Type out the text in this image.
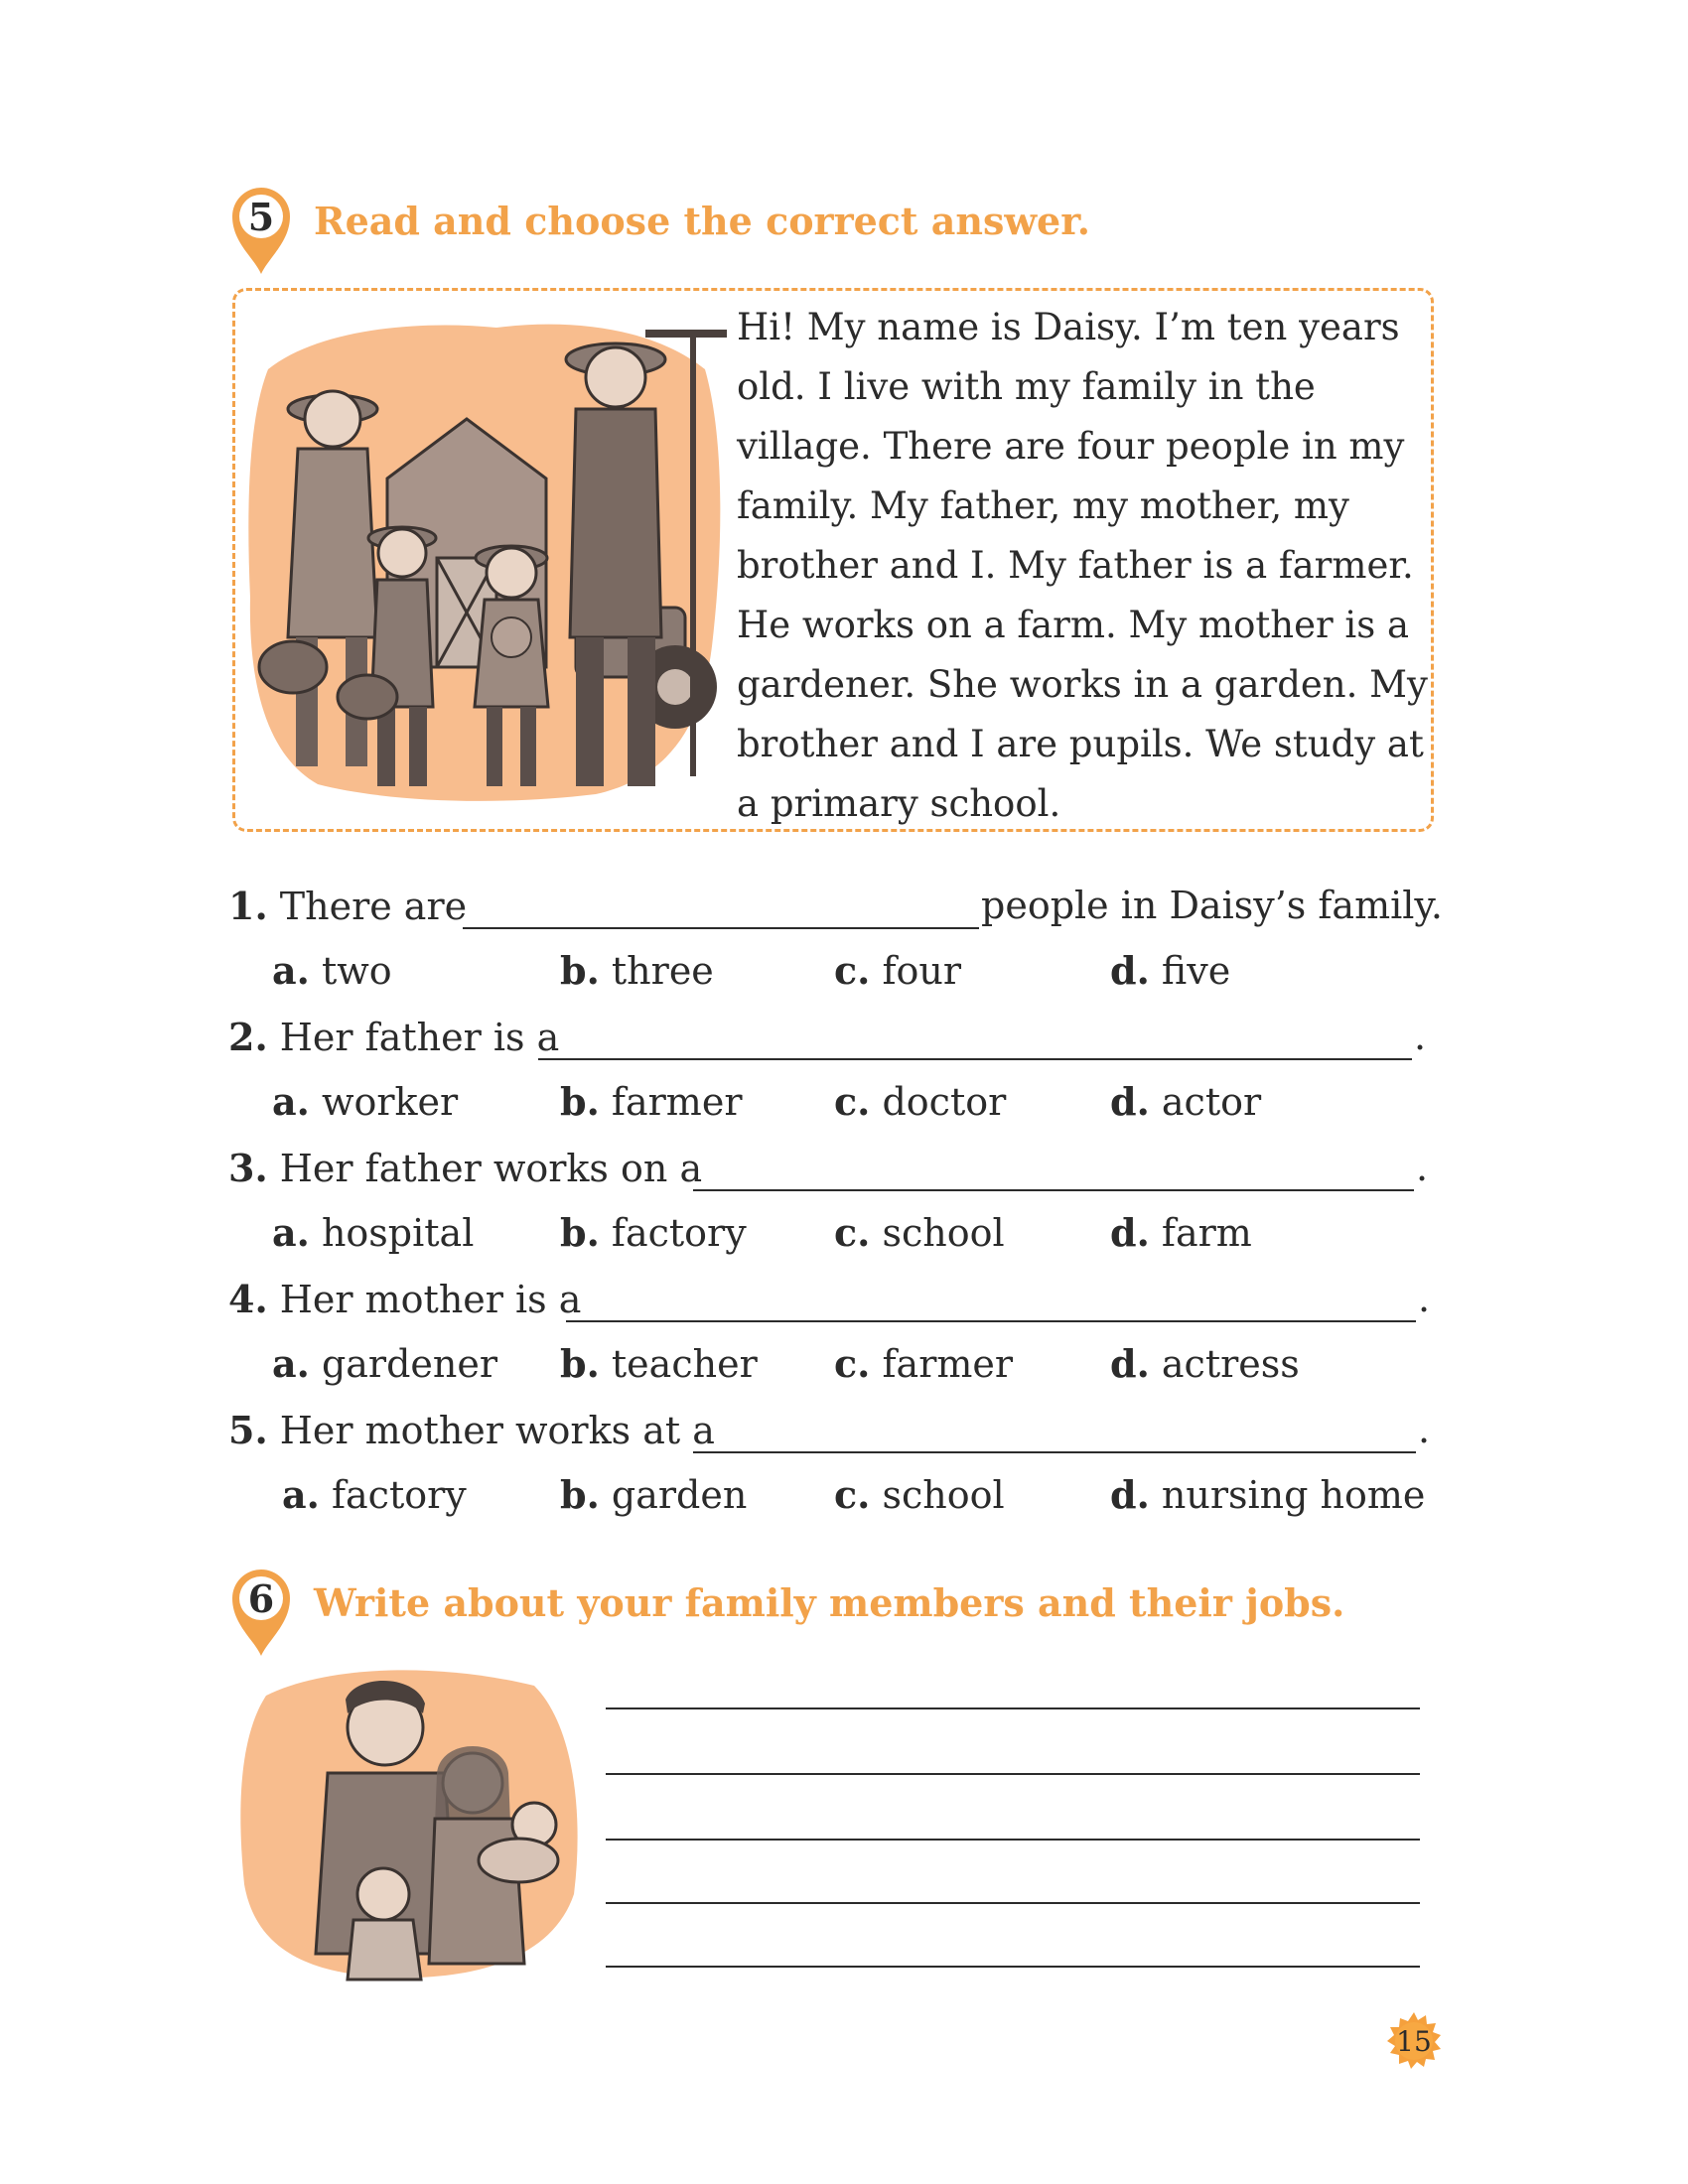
5	Read and choose the correct answer.
Hi! My name is Daisy. I’m ten years
old. I live with my family in the
village. There are four people in my
family. My father, my mother, my
brother and I. My father is a farmer.
He works on a farm. My mother is a
gardener. She works in a garden. My
brother and I are pupils. We study at
a primary school.
1. There are	people in Daisy’s family.
a. two	b. three	c. four	d. five
2. Her father is a	.
a. worker	b. farmer c. doctor	d. actor
3. Her father works on a	.
a. hospital b. factory c. school	d. farm
4. Her mother is a	.
a. gardener b. teacher c. farmer	d. actress
5. Her mother works at a	.
a. factory b. garden c. school	d. nursing home
6	Write about your family members and their jobs.
15
